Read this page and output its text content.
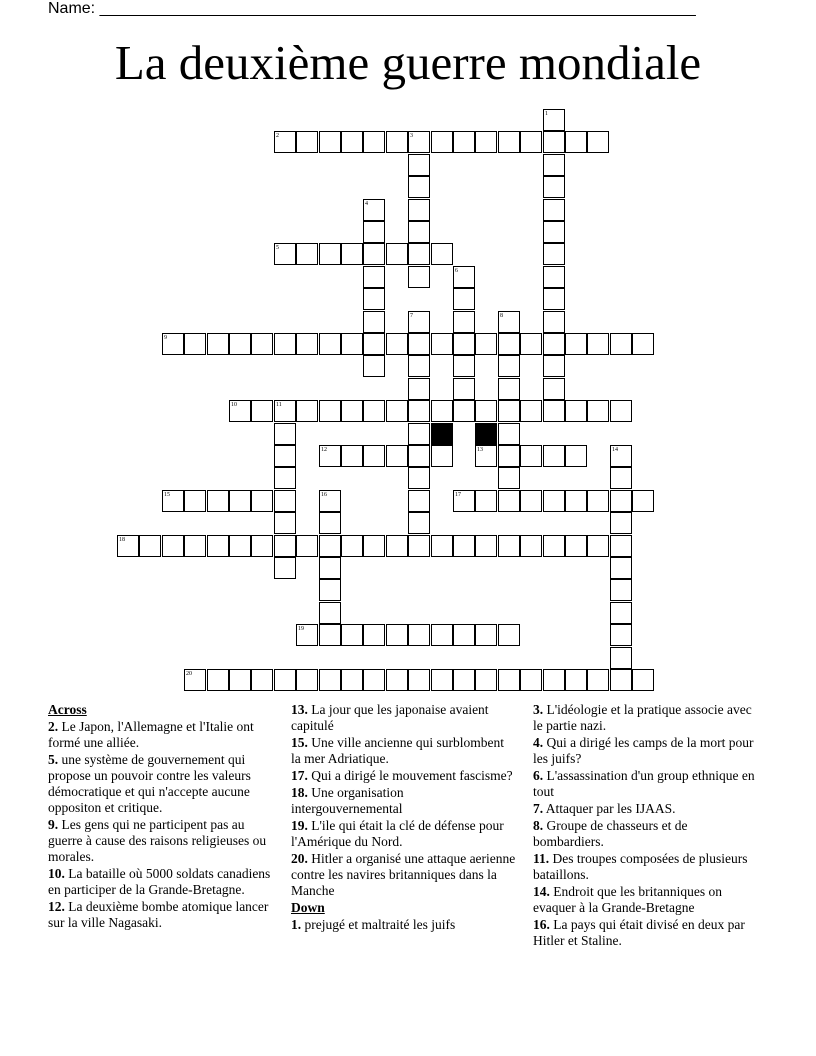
Name: ___________________________________________________________________
La deuxième guerre mondiale
1
2	3
4
5
6
7	8
9
10	11
12	13	14
15	16	17
18
19
20
Across
2. Le Japon, l'Allemagne et l'Italie ont formé une alliée.
5. une système de gouvernement qui propose un pouvoir contre les valeurs démocratique et qui n'accepte aucune oppositon et critique.
9. Les gens qui ne participent pas au guerre à cause des raisons religieuses ou morales.
10. La bataille où 5000 soldats canadiens en participer de la Grande-Bretagne.
12. La deuxième bombe atomique lancer sur la ville Nagasaki.
13. La jour que les japonaise avaient capitulé
15. Une ville ancienne qui surblombent la mer Adriatique.
17. Qui a dirigé le mouvement fascisme?
18. Une organisation intergouvernemental
19. L'ile qui était la clé de défense pour l'Amérique du Nord.
20. Hitler a organisé une attaque aerienne contre les navires britanniques dans la Manche
Down
1. prejugé et maltraité les juifs
3. L'idéologie et la pratique associe avec le partie nazi.
4. Qui a dirigé les camps de la mort pour les juifs?
6. L'assassination d'un group ethnique en tout
7. Attaquer par les IJAAS.
8. Groupe de chasseurs et de bombardiers.
11. Des troupes composées de plusieurs bataillons.
14. Endroit que les britanniques on evaquer à la Grande-Bretagne
16. La pays qui était divisé en deux par Hitler et Staline.
